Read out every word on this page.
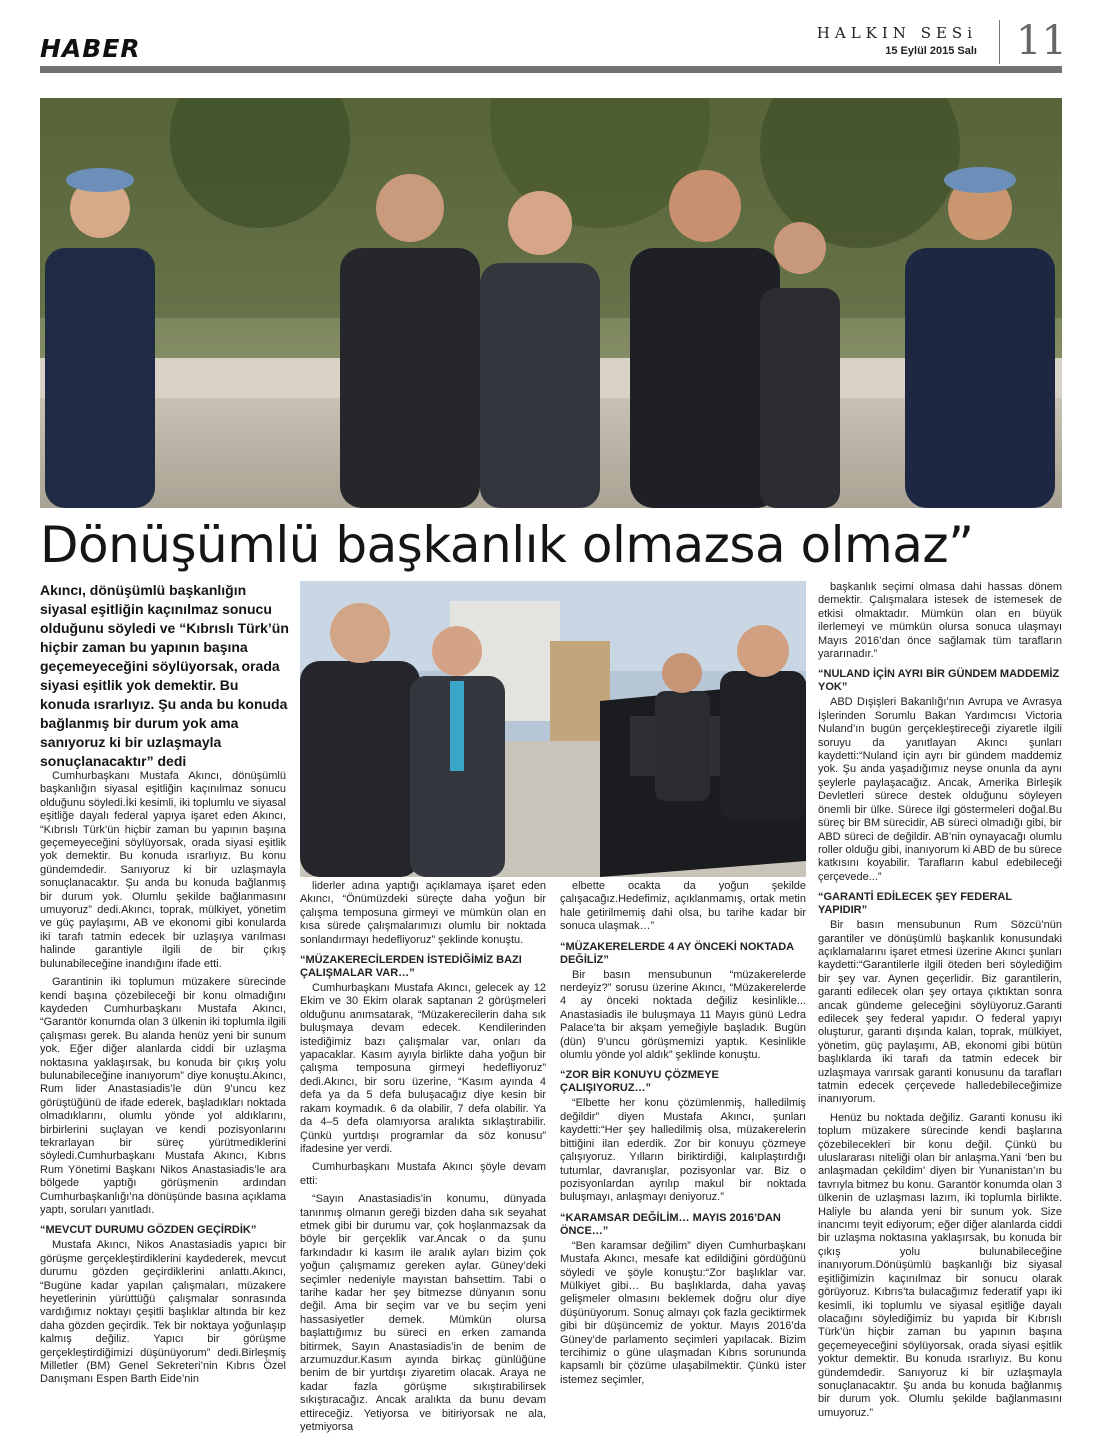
HABER
HALKIN SESi
15 Eylül 2015 Salı 11
Dönüşümlü başkanlık olmazsa olmaz”
Akıncı, dönüşümlü başkanlığın siyasal eşitliğin kaçınılmaz sonucu olduğunu söyledi ve “Kıbrıslı Türk’ün hiçbir zaman bu yapının başına geçemeyeceğini söylüyorsak, orada siyasi eşitlik yok demektir. Bu konuda ısrarlıyız. Şu anda bu konuda bağlanmış bir durum yok ama sanıyoruz ki bir uzlaşmayla sonuçlanacaktır” dedi

Cumhurbaşkanı Mustafa Akıncı, dönüşümlü başkanlığın siyasal eşitliğin kaçınılmaz sonucu olduğunu söyledi.İki kesimli, iki toplumlu ve siyasal eşitliğe dayalı federal yapıya işaret eden Akıncı, “Kıbrıslı Türk’ün hiçbir zaman bu yapının başına geçemeyeceğini söylüyorsak, orada siyasi eşitlik yok demektir. Bu konuda ısrarlıyız. Bu konu gündemdedir. Sanıyoruz ki bir uzlaşmayla sonuçlanacaktır. Şu anda bu konuda bağlanmış bir durum yok. Olumlu şekilde bağlanmasını umuyoruz” dedi.Akıncı, toprak, mülkiyet, yönetim ve güç paylaşımı, AB ve ekonomi gibi konularda iki tarafı tatmin edecek bir uzlaşıya varılması halinde garantiyle ilgili de bir çıkış bulunabileceğine inandığını ifade etti.

Garantinin iki toplumun müzakere sürecinde kendi başına çözebileceği bir konu olmadığını kaydeden Cumhurbaşkanı Mustafa Akıncı, “Garantör konumda olan 3 ülkenin iki toplumla ilgili çalışması gerek. Bu alanda henüz yeni bir sunum yok. Eğer diğer alanlarda ciddi bir uzlaşma noktasına yaklaşırsak, bu konuda bir çıkış yolu bulunabileceğine inanıyorum” diye konuştu.Akıncı, Rum lider Anastasiadis’le dün 9’uncu kez görüştüğünü de ifade ederek, başladıkları noktada olmadıklarını, olumlu yönde yol aldıklarını, birbirlerini suçlayan ve kendi pozisyonlarını tekrarlayan bir süreç yürütmediklerini söyledi.Cumhurbaşkanı Mustafa Akıncı, Kıbrıs Rum Yönetimi Başkanı Nikos Anastasiadis’le ara bölgede yaptığı görüşmenin ardından Cumhurbaşkanlığı’na dönüşünde basına açıklama yaptı, soruları yanıtladı.

“MEVCUT DURUMU GÖZDEN GEÇİRDİK”

Mustafa Akıncı, Nikos Anastasiadis yapıcı bir görüşme gerçekleştirdiklerini kaydederek, mevcut durumu gözden geçirdiklerini anlattı.Akıncı, “Bugüne kadar yapılan çalışmaları, müzakere heyetlerinin yürüttüğü çalışmalar sonrasında vardığımız noktayı çeşitli başlıklar altında bir kez daha gözden geçirdik. Tek bir noktaya yoğunlaşıp kalmış değiliz. Yapıcı bir görüşme gerçekleştirdiğimizi düşünüyorum” dedi.Birleşmiş Milletler (BM) Genel Sekreteri’nin Kıbrıs Özel Danışmanı Espen Barth Eide’nin

liderler adına yaptığı açıklamaya işaret eden Akıncı, “Önümüzdeki süreçte daha yoğun bir çalışma temposuna girmeyi ve mümkün olan en kısa sürede çalışmalarımızı olumlu bir noktada sonlandırmayı hedefliyoruz” şeklinde konuştu.

“MÜZAKERECİLERDEN İSTEDİĞİMİZ BAZI ÇALIŞMALAR VAR…”

Cumhurbaşkanı Mustafa Akıncı, gelecek ay 12 Ekim ve 30 Ekim olarak saptanan 2 görüşmeleri olduğunu anımsatarak, “Müzakerecilerin daha sık buluşmaya devam edecek. Kendilerinden istediğimiz bazı çalışmalar var, onları da yapacaklar. Kasım ayıyla birlikte daha yoğun bir çalışma temposuna girmeyi hedefliyoruz” dedi.Akıncı, bir soru üzerine, “Kasım ayında 4 defa ya da 5 defa buluşacağız diye kesin bir rakam koymadık. 6 da olabilir, 7 defa olabilir. Ya da 4–5 defa olamıyorsa aralıkta sıklaştırabilir. Çünkü yurtdışı programlar da söz konusu” ifadesine yer verdi.

Cumhurbaşkanı Mustafa Akıncı şöyle devam etti:

“Sayın Anastasiadis’in konumu, dünyada tanınmış olmanın gereği bizden daha sık seyahat etmek gibi bir durumu var, çok hoşlanmazsak da böyle bir gerçeklik var.Ancak o da şunu farkındadır ki kasım ile aralık ayları bizim çok yoğun çalışmamız gereken aylar. Güney’deki seçimler nedeniyle mayıstan bahsettim. Tabi o tarihe kadar her şey bitmezse dünyanın sonu değil. Ama bir seçim var ve bu seçim yeni hassasiyetler demek. Mümkün olursa başlattığımız bu süreci en erken zamanda bitirmek, Sayın Anastasiadis’in de benim de arzumuzdur.Kasım ayında birkaç günlüğüne benim de bir yurtdışı ziyaretim olacak. Araya ne kadar fazla görüşme sıkıştırabilirsek sıkıştıracağız. Ancak aralıkta da bunu devam ettireceğiz. Yetiyorsa ve bitiriyorsak ne ala, yetmiyorsa

elbette ocakta da yoğun şekilde çalışacağız.Hedefimiz, açıklanmamış, ortak metin hale getirilmemiş dahi olsa, bu tarihe kadar bir sonuca ulaşmak…”

“MÜZAKERELERDE 4 AY ÖNCEKİ NOKTADA DEĞİLİZ”

Bir basın mensubunun “müzakerelerde nerdeyiz?” sorusu üzerine Akıncı, “Müzakerelerde 4 ay önceki noktada değiliz kesinlikle... Anastasiadis ile buluşmaya 11 Mayıs günü Ledra Palace’ta bir akşam yemeğiyle başladık. Bugün (dün) 9’uncu görüşmemizi yaptık. Kesinlikle olumlu yönde yol aldık” şeklinde konuştu.

“ZOR BİR KONUYU ÇÖZMEYE ÇALIŞIYORUZ…”

“Elbette her konu çözümlenmiş, halledilmiş değildir” diyen Mustafa Akıncı, şunları kaydetti:“Her şey halledilmiş olsa, müzakerelerin bittiğini ilan ederdik. Zor bir konuyu çözmeye çalışıyoruz. Yılların biriktirdiği, kalıplaştırdığı tutumlar, davranışlar, pozisyonlar var. Biz o pozisyonlardan ayrılıp makul bir noktada buluşmayı, anlaşmayı deniyoruz.”

“KARAMSAR DEĞİLİM… MAYIS 2016’DAN ÖNCE…”

“Ben karamsar değilim” diyen Cumhurbaşkanı Mustafa Akıncı, mesafe kat edildiğini gördüğünü söyledi ve şöyle konuştu:“Zor başlıklar var. Mülkiyet gibi… Bu başlıklarda, daha yavaş gelişmeler olmasını beklemek doğru olur diye düşünüyorum. Sonuç almayı çok fazla geciktirmek gibi bir düşüncemiz de yoktur. Mayıs 2016’da Güney’de parlamento seçimleri yapılacak. Bizim tercihimiz o güne ulaşmadan Kıbrıs sorununda kapsamlı bir çözüme ulaşabilmektir. Çünkü ister istemez seçimler,

başkanlık seçimi olmasa dahi hassas dönem demektir. Çalışmalara istesek de istemesek de etkisi olmaktadır. Mümkün olan en büyük ilerlemeyi ve mümkün olursa sonuca ulaşmayı Mayıs 2016’dan önce sağlamak tüm tarafların yararınadır.”

“NULAND İÇİN AYRI BİR GÜNDEM MADDEMİZ YOK”

ABD Dışişleri Bakanlığı’nın Avrupa ve Avrasya İşlerinden Sorumlu Bakan Yardımcısı Victoria Nuland’ın bugün gerçekleştireceği ziyaretle ilgili soruyu da yanıtlayan Akıncı şunları kaydetti:“Nuland için ayrı bir gündem maddemiz yok. Şu anda yaşadığımız neyse onunla da aynı şeylerle paylaşacağız. Ancak, Amerika Birleşik Devletleri sürece destek olduğunu söyleyen önemli bir ülke. Sürece ilgi göstermeleri doğal.Bu süreç bir BM sürecidir, AB süreci olmadığı gibi, bir ABD süreci de değildir. AB’nin oynayacağı olumlu roller olduğu gibi, inanıyorum ki ABD de bu sürece katkısını koyabilir. Tarafların kabul edebileceği çerçevede...”

“GARANTİ EDİLECEK ŞEY FEDERAL YAPIDIR”

Bir basın mensubunun Rum Sözcü’nün garantiler ve dönüşümlü başkanlık konusundaki açıklamalarını işaret etmesi üzerine Akıncı şunları kaydetti:“Garantilerle ilgili öteden beri söylediğim bir şey var. Aynen geçerlidir. Biz garantilerin, garanti edilecek olan şey ortaya çıktıktan sonra ancak gündeme geleceğini söylüyoruz.Garanti edilecek şey federal yapıdır. O federal yapıyı oluşturur, garanti dışında kalan, toprak, mülkiyet, yönetim, güç paylaşımı, AB, ekonomi gibi bütün başlıklarda iki tarafı da tatmin edecek bir uzlaşmaya varırsak garanti konusunu da tarafları tatmin edecek çerçevede halledebileceğimize inanıyorum.

Henüz bu noktada değiliz. Garanti konusu iki toplum müzakere sürecinde kendi başlarına çözebilecekleri bir konu değil. Çünkü bu uluslararası niteliği olan bir anlaşma.Yani ‘ben bu anlaşmadan çekildim’ diyen bir Yunanistan’ın bu tavrıyla bitmez bu konu. Garantör konumda olan 3 ülkenin de uzlaşması lazım, iki toplumla birlikte. Haliyle bu alanda yeni bir sunum yok. Size inancımı teyit ediyorum; eğer diğer alanlarda ciddi bir uzlaşma noktasına yaklaşırsak, bu konuda bir çıkış yolu bulunabileceğine inanıyorum.Dönüşümlü başkanlığı biz siyasal eşitliğimizin kaçınılmaz bir sonucu olarak görüyoruz. Kıbrıs’ta bulacağımız federatif yapı iki kesimli, iki toplumlu ve siyasal eşitliğe dayalı olacağını söylediğimiz bu yapıda bir Kıbrıslı Türk’ün hiçbir zaman bu yapının başına geçemeyeceğini söylüyorsak, orada siyasi eşitlik yoktur demektir. Bu konuda ısrarlıyız. Bu konu gündemdedir. Sanıyoruz ki bir uzlaşmayla sonuçlanacaktır. Şu anda bu konuda bağlanmış bir durum yok. Olumlu şekilde bağlanmasını umuyoruz.”
